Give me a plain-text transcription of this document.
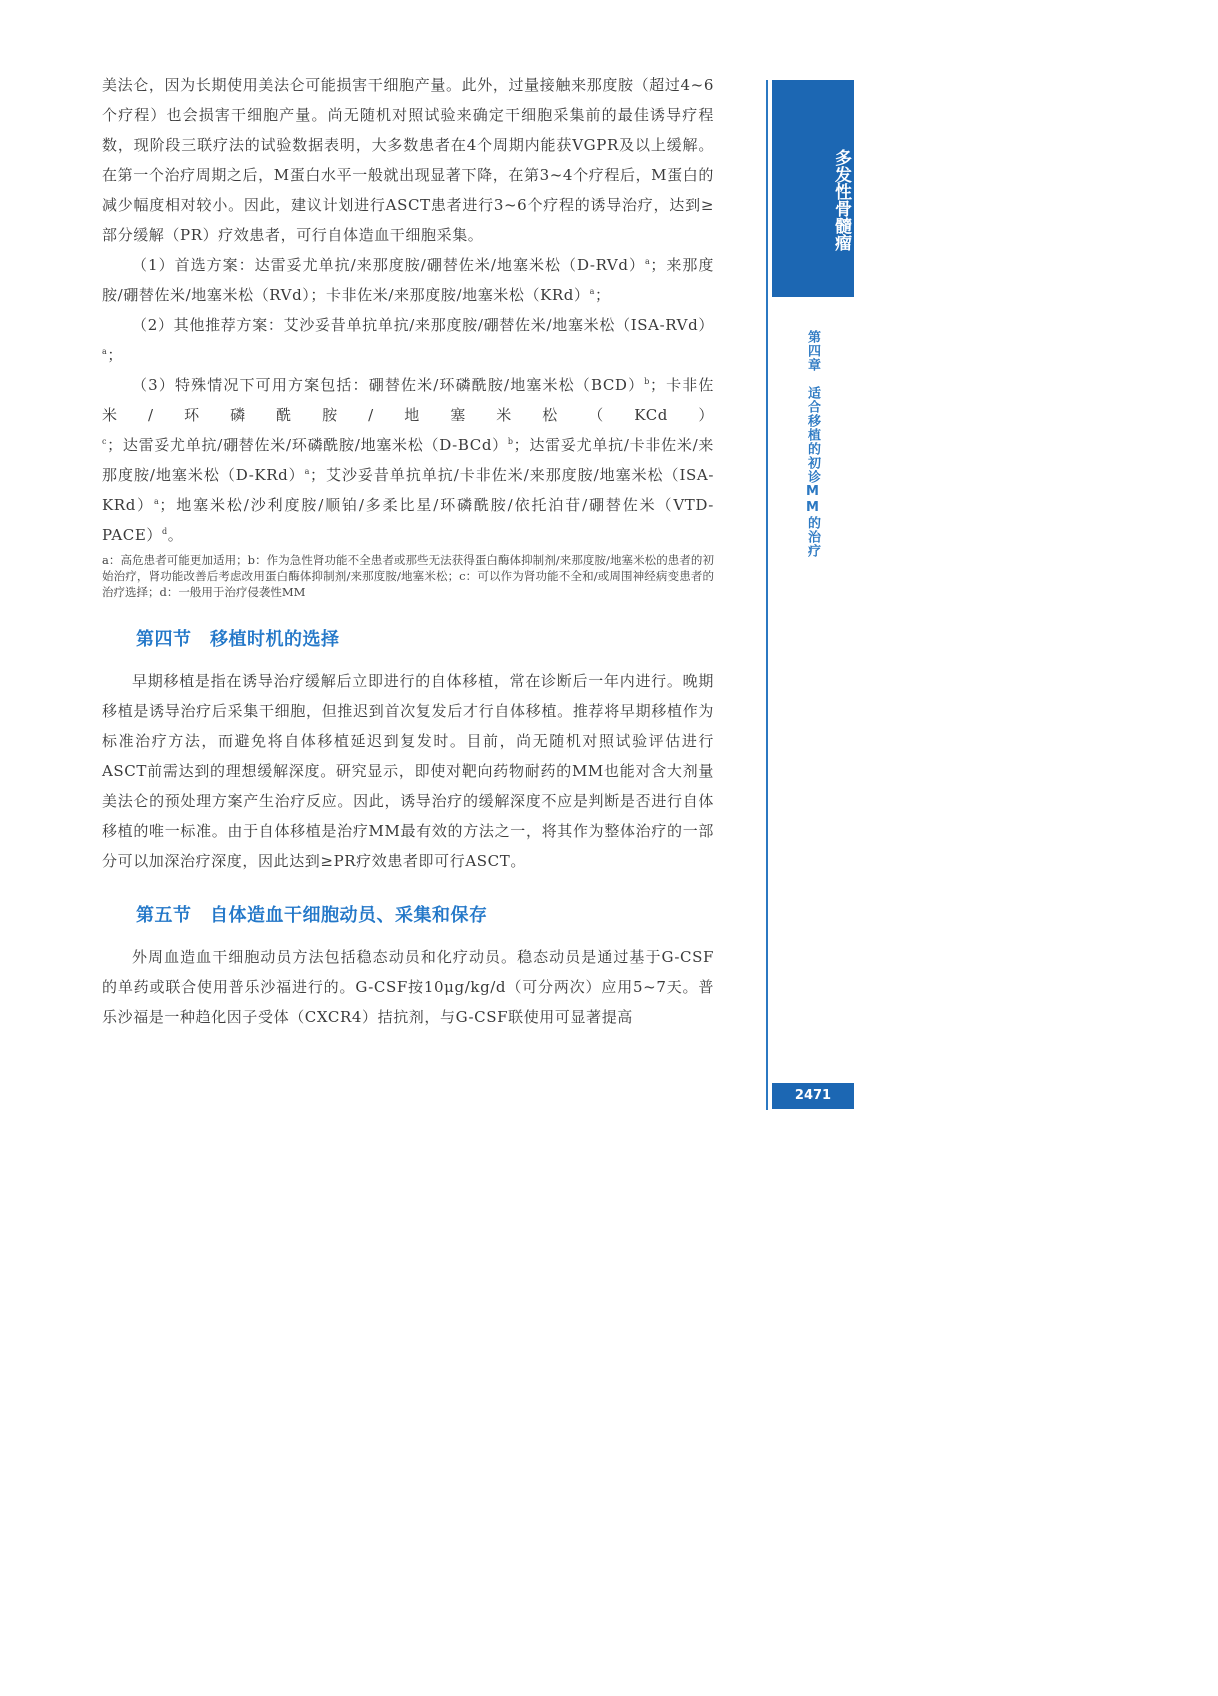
美法仑，因为长期使用美法仑可能损害干细胞产量。此外，过量接触来那度胺（超过4~6个疗程）也会损害干细胞产量。尚无随机对照试验来确定干细胞采集前的最佳诱导疗程数，现阶段三联疗法的试验数据表明，大多数患者在4个周期内能获VGPR及以上缓解。在第一个治疗周期之后，M蛋白水平一般就出现显著下降，在第3~4个疗程后，M蛋白的减少幅度相对较小。因此，建议计划进行ASCT患者进行3~6个疗程的诱导治疗，达到≥部分缓解（PR）疗效患者，可行自体造血干细胞采集。

（1）首选方案：达雷妥尤单抗/来那度胺/硼替佐米/地塞米松$(D-RVd)^a$；来那度胺/硼替佐米/地塞米松（RVd）；卡非佐米/来那度胺/地塞米松（KRd）$^a$；

（2）其他推荐方案：艾沙妥昔单抗单抗/来那度胺/硼替佐米/地塞米松$(ISA-RVd)^a$；

（3）特殊情况下可用方案包括：硼替佐米/环磷酰胺/地塞米松（BCD）$^b$；卡非佐米/环磷酰胺/地塞米松（KCd）$^c$；达雷妥尤单抗/硼替佐米/环磷酰胺/地塞米松$(D-BCd)^b$；达雷妥尤单抗/卡非佐米/来那度胺/地塞米松$(D-KRd)^a$；艾沙妥昔单抗单抗/卡非佐米/来那度胺/地塞米松$(ISA-KRd)^a$；地塞米松/沙利度胺/顺铂/多柔比星/环磷酰胺/依托泊苷/硼替佐米（VTD-PACE）$^d$。

a：高危患者可能更加适用；b：作为急性肾功能不全患者或那些无法获得蛋白酶体抑制剂/来那度胺/地塞米松的患者的初始治疗，肾功能改善后考虑改用蛋白酶体抑制剂/来那度胺/地塞米松；c：可以作为肾功能不全和/或周围神经病变患者的治疗选择；d：一般用于治疗侵袭性MM

第四节　移植时机的选择

早期移植是指在诱导治疗缓解后立即进行的自体移植，常在诊断后一年内进行。晚期移植是诱导治疗后采集干细胞，但推迟到首次复发后才行自体移植。推荐将早期移植作为标准治疗方法，而避免将自体移植延迟到复发时。目前，尚无随机对照试验评估进行ASCT前需达到的理想缓解深度。研究显示，即使对靶向药物耐药的MM也能对含大剂量美法仑的预处理方案产生治疗反应。因此，诱导治疗的缓解深度不应是判断是否进行自体移植的唯一标准。由于自体移植是治疗MM最有效的方法之一，将其作为整体治疗的一部分可以加深治疗深度，因此达到≥PR疗效患者即可行ASCT。

第五节　自体造血干细胞动员、采集和保存

外周血造血干细胞动员方法包括稳态动员和化疗动员。稳态动员是通过基于G-CSF的单药或联合使用普乐沙福进行的。G-CSF按10μg/kg/d（可分两次）应用5~7天。普乐沙福是一种趋化因子受体（CXCR4）拮抗剂，与G-CSF联使用可显著提高

多发性骨髓瘤
第四章　适合移植的初诊MM的治疗
2471
